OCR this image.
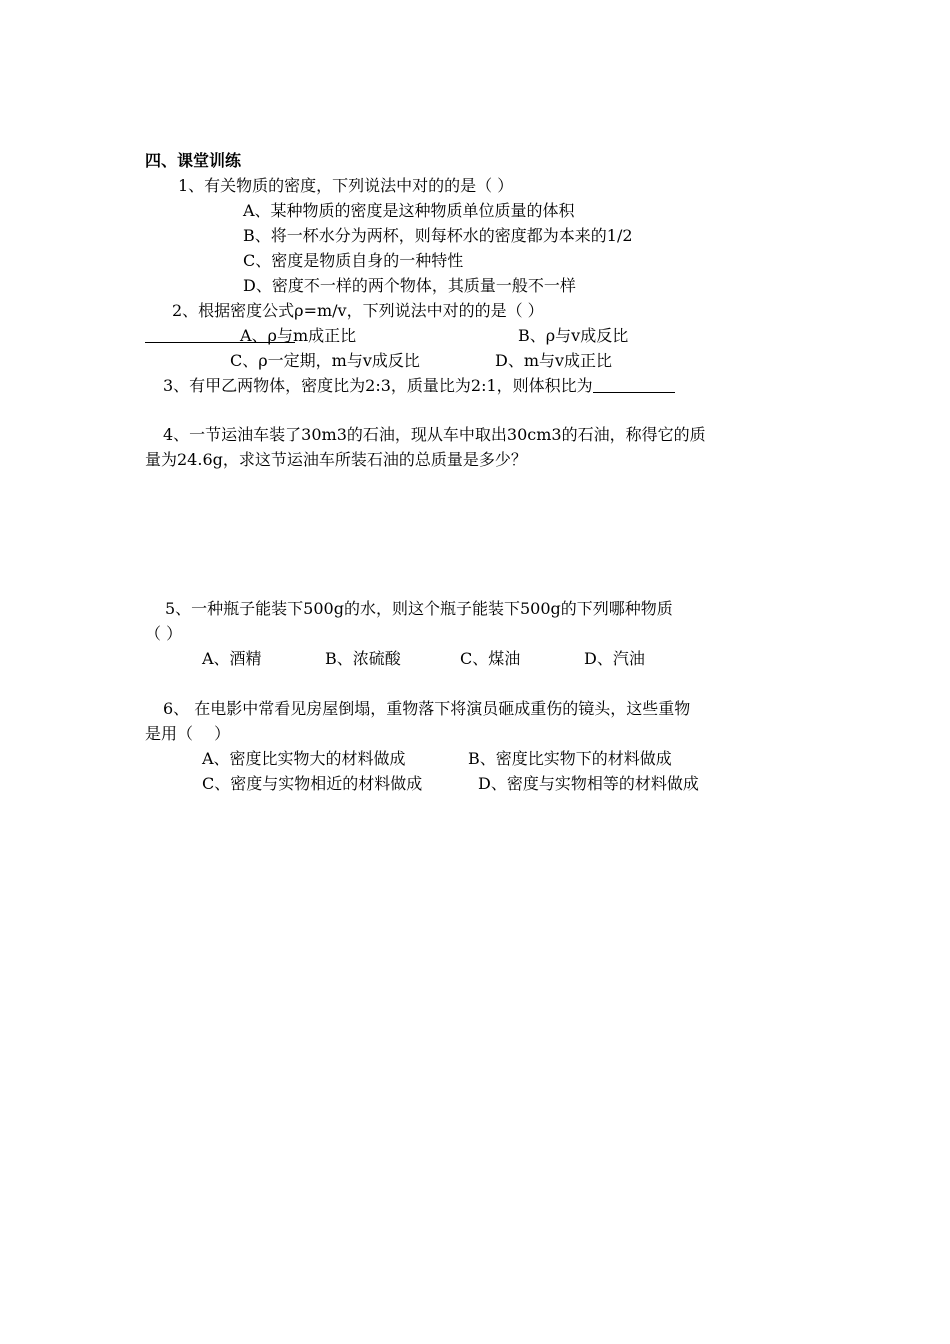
四、课堂训练
1、有关物质的密度，下列说法中对的的是（ ）
A、某种物质的密度是这种物质单位质量的体积
B、将一杯水分为两杯，则每杯水的密度都为本来的1/2
C、密度是物质自身的一种特性
D、密度不一样的两个物体，其质量一般不一样
2、根据密度公式ρ=m/v，下列说法中对的的是（ ）
A、ρ与m成正比	B、ρ与v成反比
C、ρ一定期，m与v成反比	D、m与v成正比
3、有甲乙两物体，密度比为2:3，质量比为2:1，则体积比为
4、一节运油车装了30m3的石油，现从车中取出30cm3的石油，称得它的质
量为24.6g，求这节运油车所装石油的总质量是多少？
5、一种瓶子能装下500g的水，则这个瓶子能装下500g的下列哪种物质
（ ）
A、酒精	B、浓硫酸	C、煤油	D、汽油
6、 在电影中常看见房屋倒塌，重物落下将演员砸成重伤的镜头，这些重物
是用（　 ）
A、密度比实物大的材料做成	B、密度比实物下的材料做成
C、密度与实物相近的材料做成	D、密度与实物相等的材料做成
